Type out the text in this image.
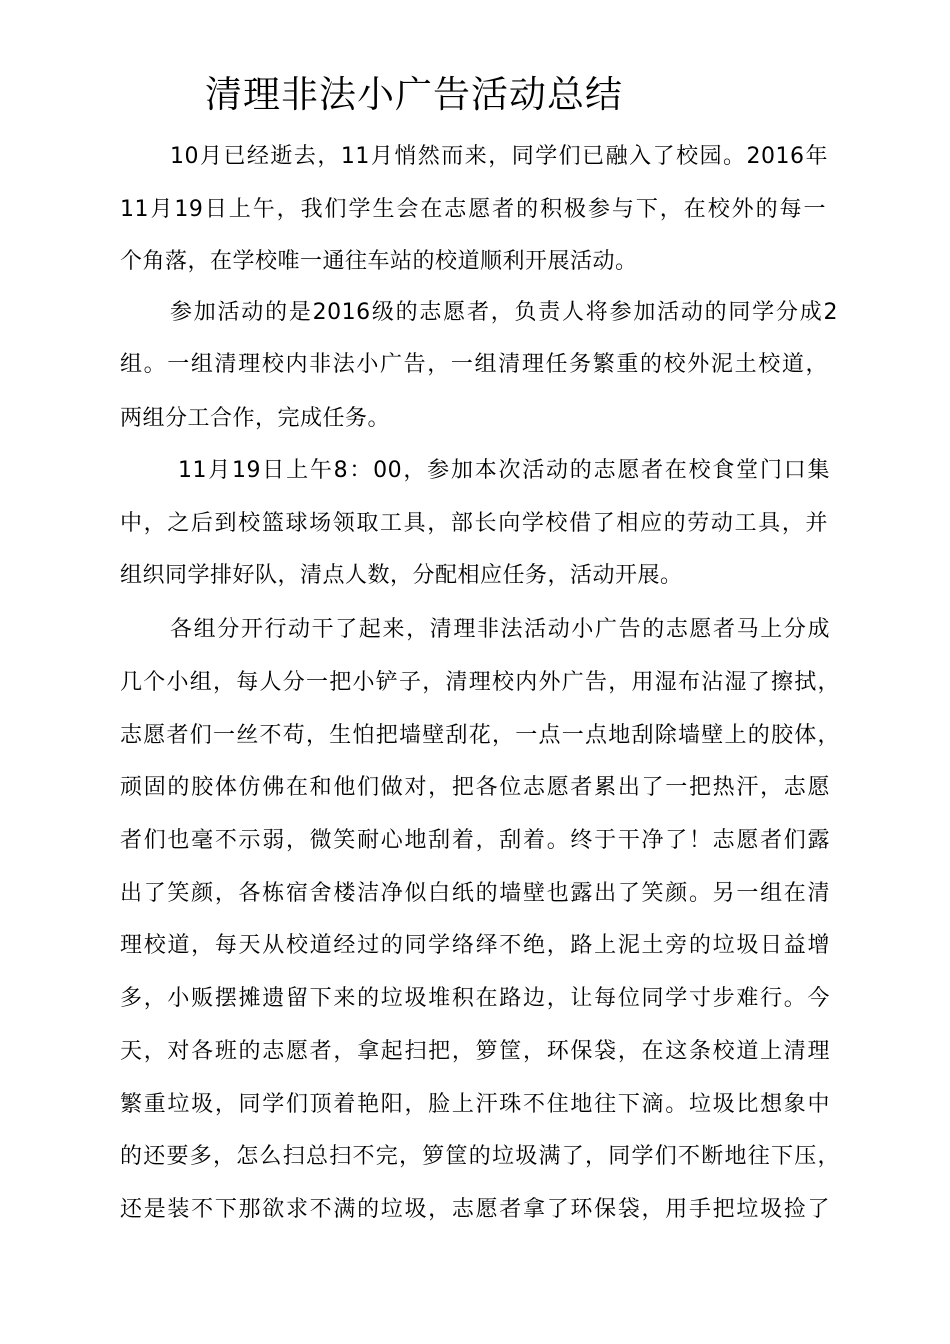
清理非法小广告活动总结
10月已经逝去，11月悄然而来，同学们已融入了校园。2016年
11月19日上午，我们学生会在志愿者的积极参与下，在校外的每一
个角落，在学校唯一通往车站的校道顺利开展活动。
参加活动的是2016级的志愿者，负责人将参加活动的同学分成2
组。一组清理校内非法小广告，一组清理任务繁重的校外泥土校道，
两组分工合作，完成任务。
11月19日上午8：00，参加本次活动的志愿者在校食堂门口集
中，之后到校篮球场领取工具，部长向学校借了相应的劳动工具，并
组织同学排好队，清点人数，分配相应任务，活动开展。
各组分开行动干了起来，清理非法活动小广告的志愿者马上分成
几个小组，每人分一把小铲子，清理校内外广告，用湿布沾湿了擦拭，
志愿者们一丝不苟，生怕把墙壁刮花，一点一点地刮除墙壁上的胶体，
顽固的胶体仿佛在和他们做对，把各位志愿者累出了一把热汗，志愿
者们也毫不示弱，微笑耐心地刮着，刮着。终于干净了！志愿者们露
出了笑颜，各栋宿舍楼洁净似白纸的墙壁也露出了笑颜。另一组在清
理校道，每天从校道经过的同学络绎不绝，路上泥土旁的垃圾日益增
多，小贩摆摊遗留下来的垃圾堆积在路边，让每位同学寸步难行。今
天，对各班的志愿者，拿起扫把，箩筐，环保袋，在这条校道上清理
繁重垃圾，同学们顶着艳阳，脸上汗珠不住地往下滴。垃圾比想象中
的还要多，怎么扫总扫不完，箩筐的垃圾满了，同学们不断地往下压，
还是装不下那欲求不满的垃圾，志愿者拿了环保袋，用手把垃圾捡了
